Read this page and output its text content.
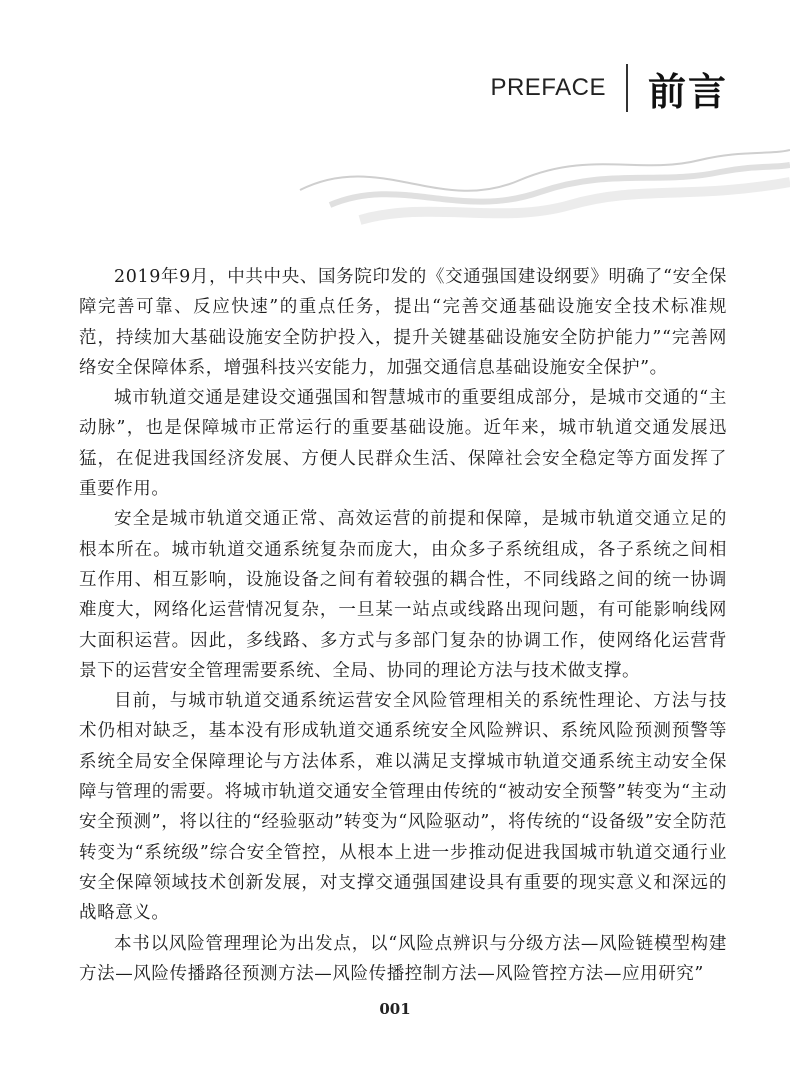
PREFACE 前言

2019年9月，中共中央、国务院印发的《交通强国建设纲要》明确了“安全保障完善可靠、反应快速”的重点任务，提出“完善交通基础设施安全技术标准规范，持续加大基础设施安全防护投入，提升关键基础设施安全防护能力”“完善网络安全保障体系，增强科技兴安能力，加强交通信息基础设施安全保护”。

城市轨道交通是建设交通强国和智慧城市的重要组成部分，是城市交通的“主动脉”，也是保障城市正常运行的重要基础设施。近年来，城市轨道交通发展迅猛，在促进我国经济发展、方便人民群众生活、保障社会安全稳定等方面发挥了重要作用。

安全是城市轨道交通正常、高效运营的前提和保障，是城市轨道交通立足的根本所在。城市轨道交通系统复杂而庞大，由众多子系统组成，各子系统之间相互作用、相互影响，设施设备之间有着较强的耦合性，不同线路之间的统一协调难度大，网络化运营情况复杂，一旦某一站点或线路出现问题，有可能影响线网大面积运营。因此，多线路、多方式与多部门复杂的协调工作，使网络化运营背景下的运营安全管理需要系统、全局、协同的理论方法与技术做支撑。

目前，与城市轨道交通系统运营安全风险管理相关的系统性理论、方法与技术仍相对缺乏，基本没有形成轨道交通系统安全风险辨识、系统风险预测预警等系统全局安全保障理论与方法体系，难以满足支撑城市轨道交通系统主动安全保障与管理的需要。将城市轨道交通安全管理由传统的“被动安全预警”转变为“主动安全预测”，将以往的“经验驱动”转变为“风险驱动”，将传统的“设备级”安全防范转变为“系统级”综合安全管控，从根本上进一步推动促进我国城市轨道交通行业安全保障领域技术创新发展，对支撑交通强国建设具有重要的现实意义和深远的战略意义。

本书以风险管理理论为出发点，以“风险点辨识与分级方法—风险链模型构建方法—风险传播路径预测方法—风险传播控制方法—风险管控方法—应用研究”

001
